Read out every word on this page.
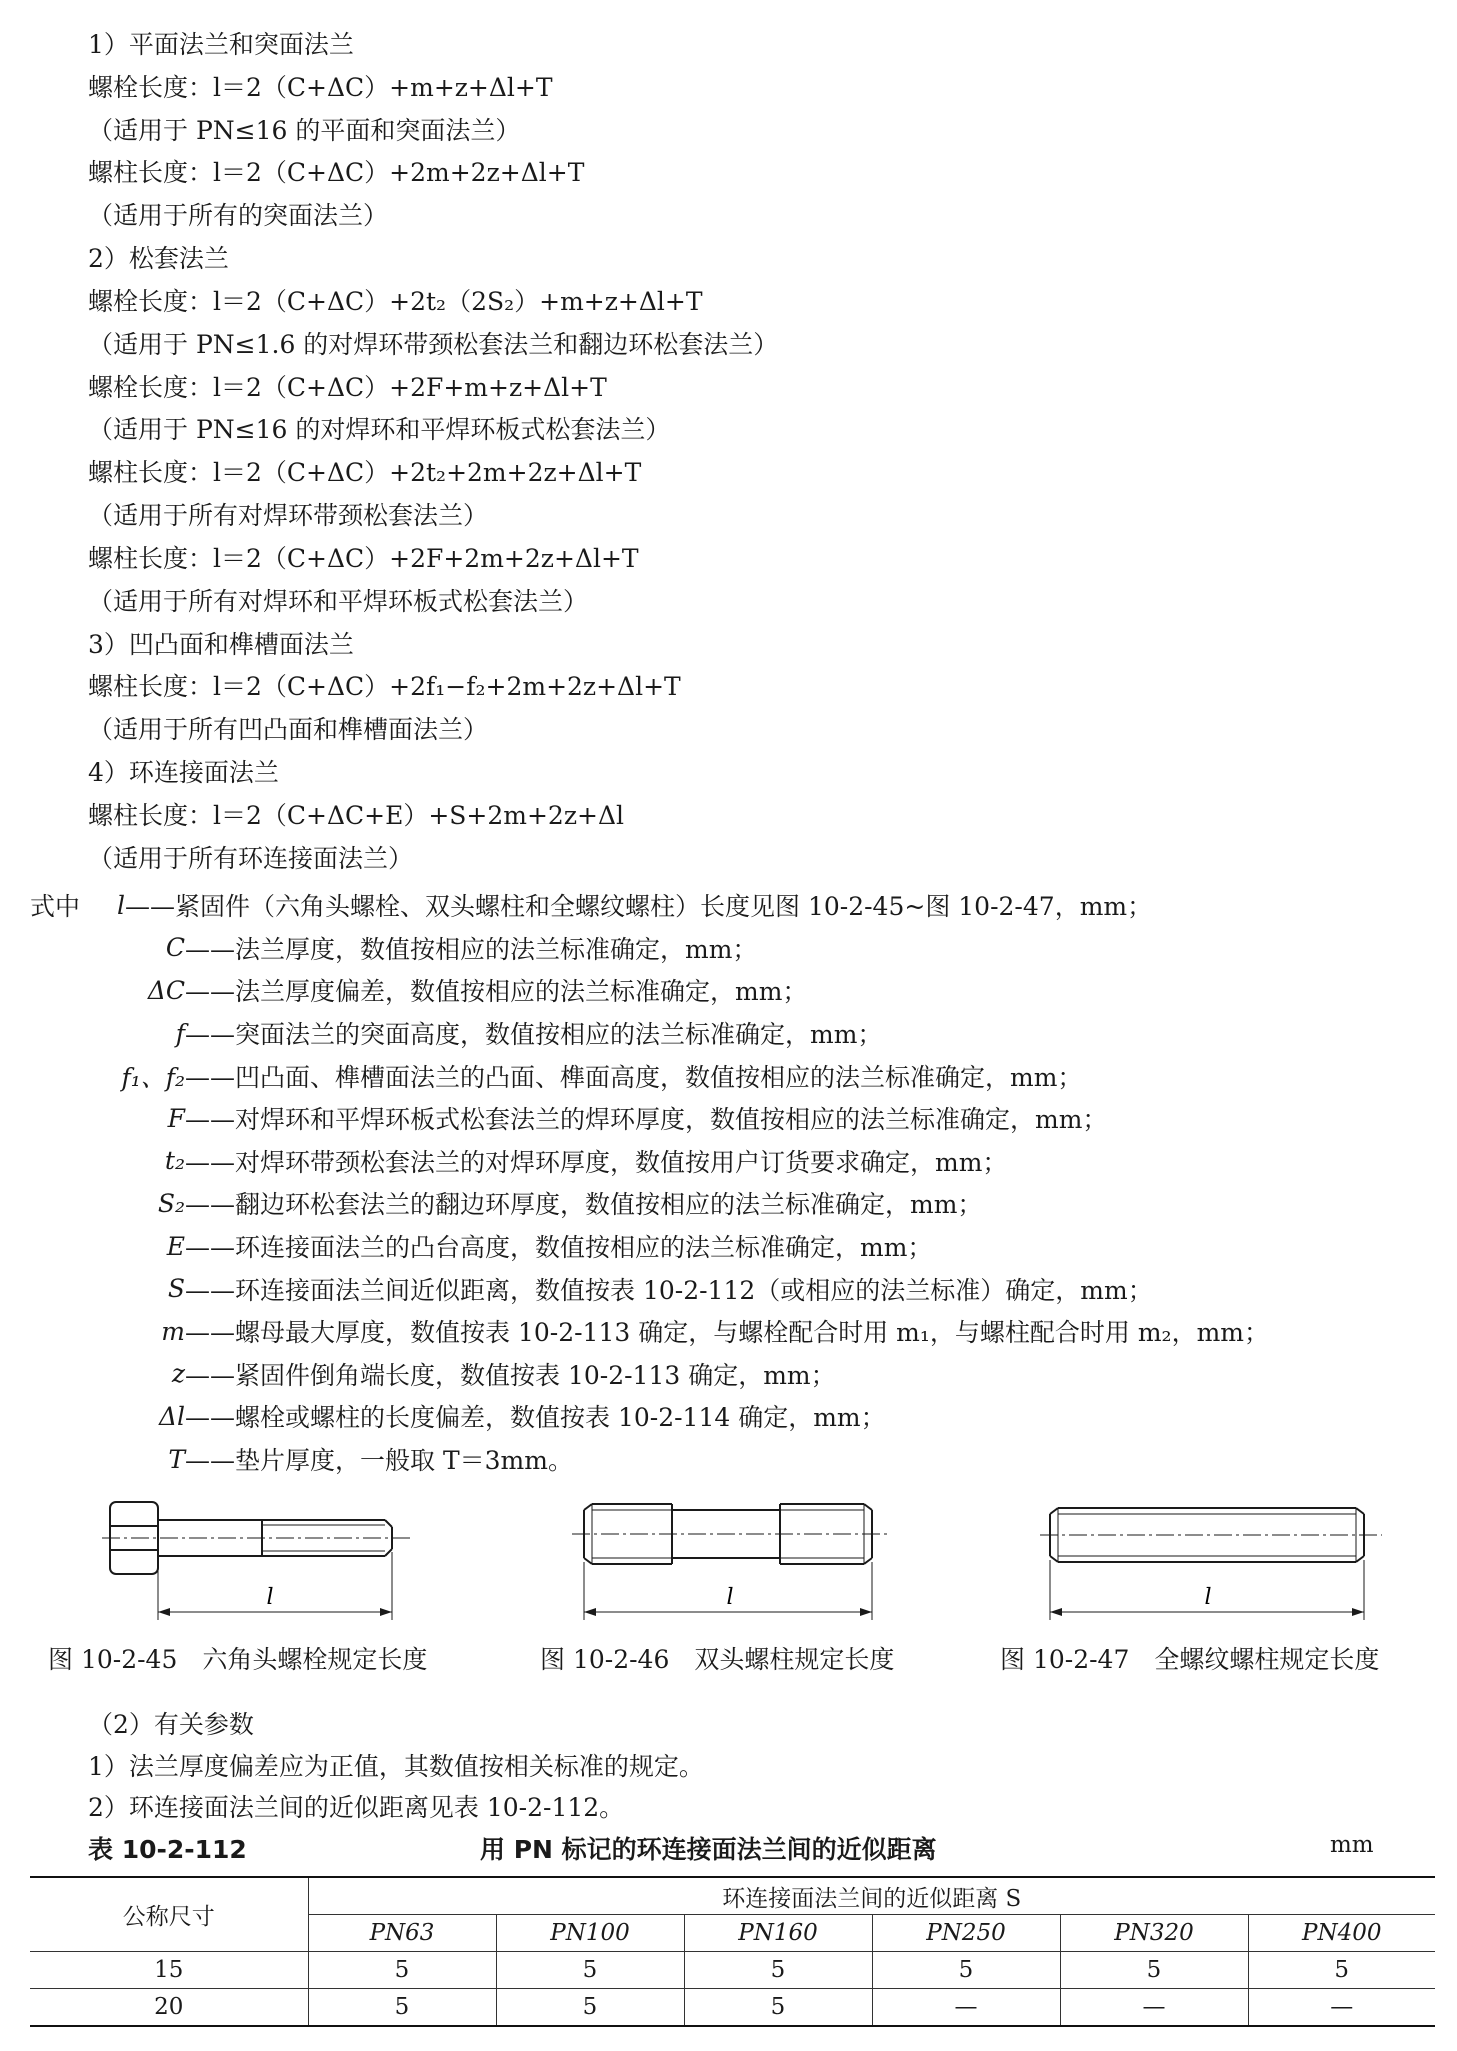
1）平面法兰和突面法兰
螺栓长度：l＝2（C+ΔC）+m+z+Δl+T
（适用于 PN≤16 的平面和突面法兰）
螺柱长度：l＝2（C+ΔC）+2m+2z+Δl+T
（适用于所有的突面法兰）
2）松套法兰
螺栓长度：l＝2（C+ΔC）+2t₂（2S₂）+m+z+Δl+T
（适用于 PN≤1.6 的对焊环带颈松套法兰和翻边环松套法兰）
螺栓长度：l＝2（C+ΔC）+2F+m+z+Δl+T
（适用于 PN≤16 的对焊环和平焊环板式松套法兰）
螺柱长度：l＝2（C+ΔC）+2t₂+2m+2z+Δl+T
（适用于所有对焊环带颈松套法兰）
螺柱长度：l＝2（C+ΔC）+2F+2m+2z+Δl+T
（适用于所有对焊环和平焊环板式松套法兰）
3）凹凸面和榫槽面法兰
螺柱长度：l＝2（C+ΔC）+2f₁−f₂+2m+2z+Δl+T
（适用于所有凹凸面和榫槽面法兰）
4）环连接面法兰
螺柱长度：l＝2（C+ΔC+E）+S+2m+2z+Δl
（适用于所有环连接面法兰）
式中	l ——紧固件（六角头螺栓、双头螺柱和全螺纹螺柱）长度见图 10-2-45~图 10-2-47，mm；
C ——法兰厚度，数值按相应的法兰标准确定，mm；
ΔC ——法兰厚度偏差，数值按相应的法兰标准确定，mm；
f ——突面法兰的突面高度，数值按相应的法兰标准确定，mm；
f₁、f₂ ——凹凸面、榫槽面法兰的凸面、榫面高度，数值按相应的法兰标准确定，mm；
F ——对焊环和平焊环板式松套法兰的焊环厚度，数值按相应的法兰标准确定，mm；
t₂ ——对焊环带颈松套法兰的对焊环厚度，数值按用户订货要求确定，mm；
S₂ ——翻边环松套法兰的翻边环厚度，数值按相应的法兰标准确定，mm；
E ——环连接面法兰的凸台高度，数值按相应的法兰标准确定，mm；
S ——环连接面法兰间近似距离，数值按表 10-2-112（或相应的法兰标准）确定，mm；
m ——螺母最大厚度，数值按表 10-2-113 确定，与螺栓配合时用 m₁，与螺柱配合时用 m₂，mm；
z ——紧固件倒角端长度，数值按表 10-2-113 确定，mm；
Δl ——螺栓或螺柱的长度偏差，数值按表 10-2-114 确定，mm；
T ——垫片厚度，一般取 T＝3mm。
l	l	l
图 10-2-45　六角头螺栓规定长度	图 10-2-46　双头螺柱规定长度	图 10-2-47　全螺纹螺柱规定长度
（2）有关参数
1）法兰厚度偏差应为正值，其数值按相关标准的规定。
2）环连接面法兰间的近似距离见表 10-2-112。
表 10-2-112	用 PN 标记的环连接面法兰间的近似距离	mm
公称尺寸	环连接面法兰间的近似距离 S					
	PN63	PN100	PN160	PN250	PN320	PN400
15	5	5	5	5	5	5
20	5	5	5	—	—	—
